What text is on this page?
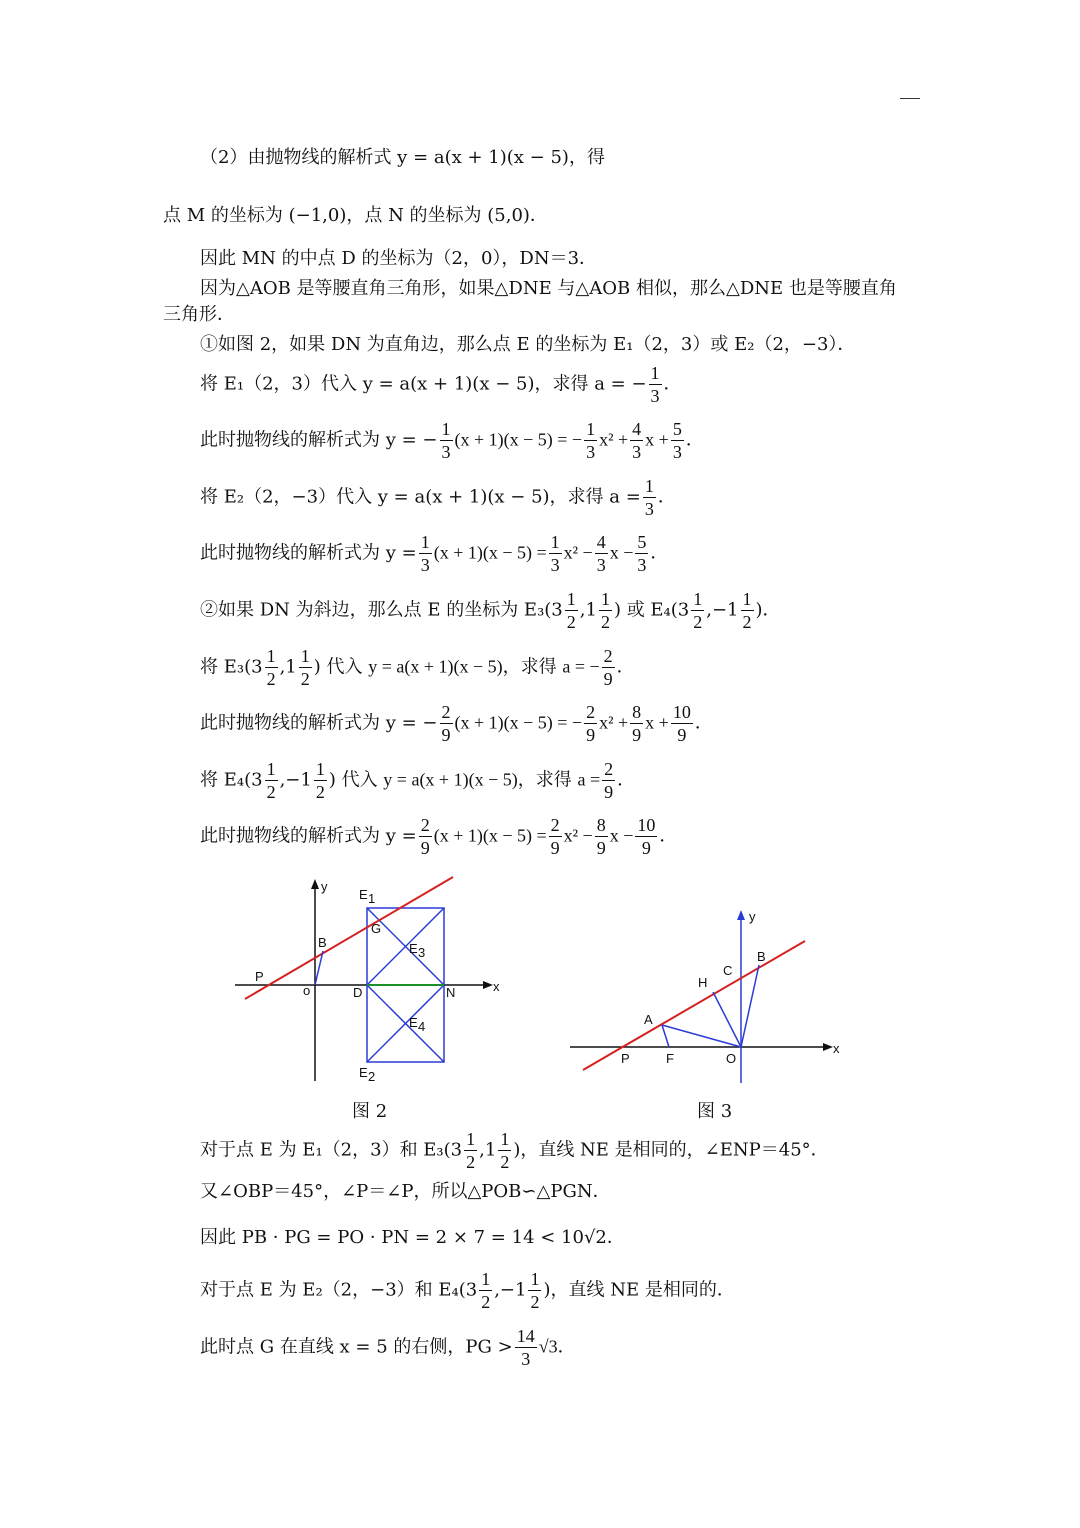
（2）由抛物线的解析式 y = a(x + 1)(x − 5)，得
点 M 的坐标为 (−1,0)，点 N 的坐标为 (5,0)．
因此 MN 的中点 D 的坐标为（2，0），DN＝3．
因为△AOB 是等腰直角三角形，如果△DNE 与△AOB 相似，那么△DNE 也是等腰直角
三角形．
①如图 2，如果 DN 为直角边，那么点 E 的坐标为 E₁（2，3）或 E₂（2，−3）．
将 E₁（2，3）代入 y = a(x + 1)(x − 5)，求得 a = − $\frac{1}{3}$ ．
此时抛物线的解析式为 y = − $\frac{1}{3} (x + 1)(x - 5)$ = − $\frac{1}{3} x^2 + \frac{4}{3}$ $x + \frac{5}{3}$ ．
将 E₂（2，−3）代入 y = a(x + 1)(x − 5)，求得 $a = \frac{1}{3}$ ．
此时抛物线的解析式为 $y = \frac{1}{3} (x + 1)(x - 5) = \frac{1}{3} x^2 - \frac{4}{3}$ $x - \frac{5}{3}$ ．
②如果 DN 为斜边，那么点 E 的坐标为 $E_3(3 \frac{1}{2} ,1 \frac{1}{2}$ ) 或 $E_4(3 \frac{1}{2} ,-1 \frac{1}{2}$ )．
将 $E_3(3 \frac{1}{2} ,1 \frac{1}{2}$ ) 代入 y = a(x + 1)(x − 5)，求得 a = − $\frac{2}{9}$ ．
此时抛物线的解析式为 y = − $\frac{2}{9} (x + 1)(x - 5)$ = − $\frac{2}{9} x^2 + \frac{8}{9}$ $x + \frac{10}{9}$ ．
将 $E_4(3 \frac{1}{2} ,-1 \frac{1}{2}$ ) 代入 y = a(x + 1)(x − 5)，求得 $a = \frac{2}{9}$ ．
此时抛物线的解析式为 $y = \frac{2}{9} (x + 1)(x - 5) = \frac{2}{9} x^2 - \frac{8}{9}$ $x - \frac{10}{9}$ ．
y
x
E 1
G
B	E 3
P
o	D	N
E 4
E 2
图 2
y
x
B
C
H
A
P	F	O
图 3
对于点 E 为 E₁（2，3）和 $E_3(3 \frac{1}{2} ,1 \frac{1}{2}$ )，直线 NE 是相同的，∠ENP＝45°．
又∠OBP＝45°，∠P＝∠P，所以△POB∽△PGN．
因此 PB · PG = PO · PN = 2 × 7 = 14 < 10√2．
对于点 E 为 E₂（2，−3）和 $E_4(3 \frac{1}{2} ,-1 \frac{1}{2}$ )，直线 NE 是相同的．
此时点 G 在直线 x = 5 的右侧，PG > $\frac{14}{3} √3$．
